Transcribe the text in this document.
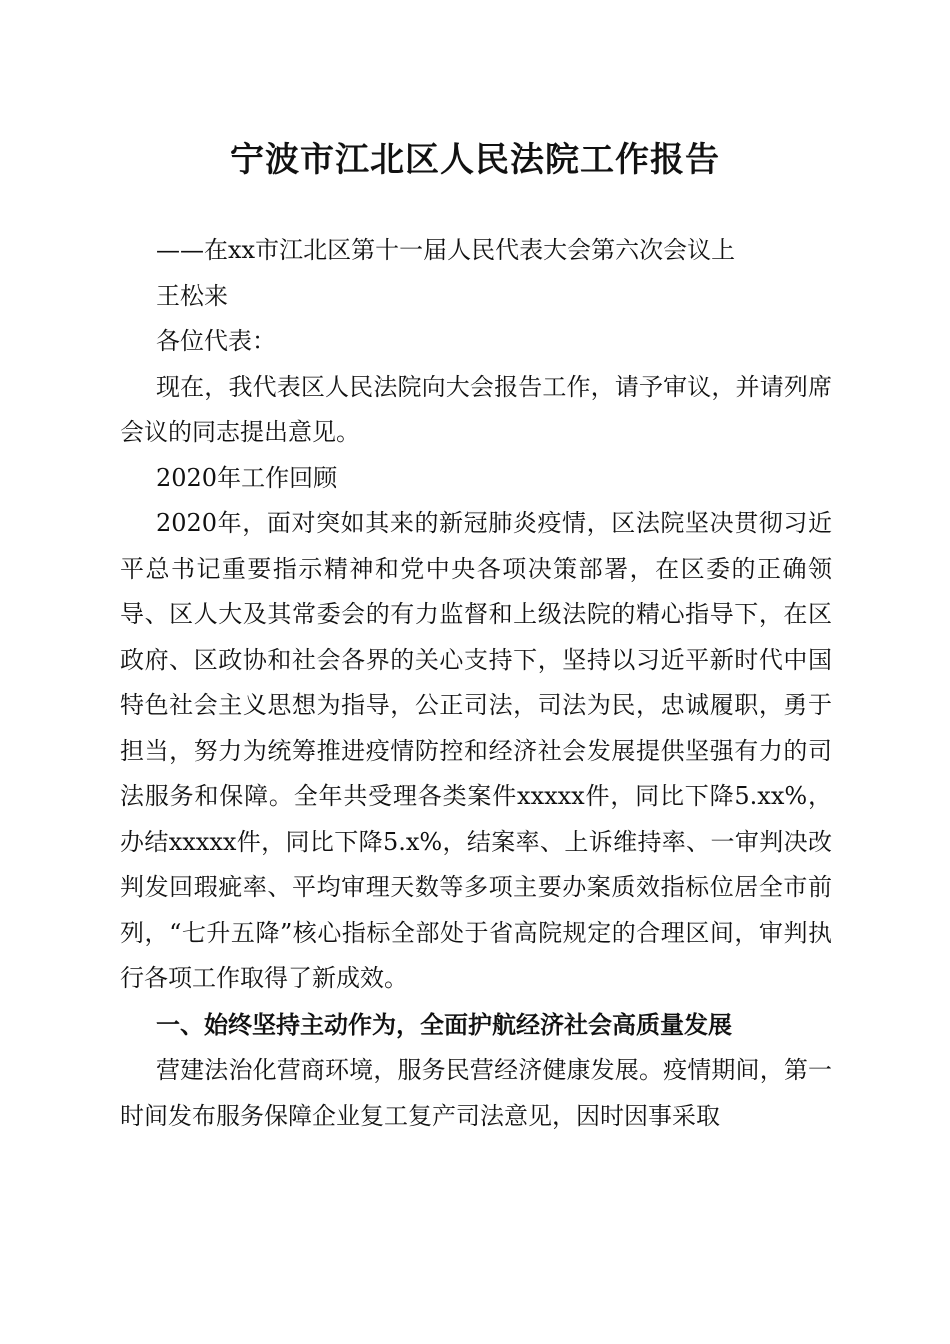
宁波市江北区人民法院工作报告

——在xx市江北区第十一届人民代表大会第六次会议上

王松来

各位代表：

现在，我代表区人民法院向大会报告工作，请予审议，并请列席会议的同志提出意见。

2020年工作回顾

2020年，面对突如其来的新冠肺炎疫情，区法院坚决贯彻习近平总书记重要指示精神和党中央各项决策部署，在区委的正确领导、区人大及其常委会的有力监督和上级法院的精心指导下，在区政府、区政协和社会各界的关心支持下，坚持以习近平新时代中国特色社会主义思想为指导，公正司法，司法为民，忠诚履职，勇于担当，努力为统筹推进疫情防控和经济社会发展提供坚强有力的司法服务和保障。全年共受理各类案件xxxxx件，同比下降5.xx%，办结xxxxx件，同比下降5.x%，结案率、上诉维持率、一审判决改判发回瑕疵率、平均审理天数等多项主要办案质效指标位居全市前列，“七升五降”核心指标全部处于省高院规定的合理区间，审判执行各项工作取得了新成效。

一、始终坚持主动作为，全面护航经济社会高质量发展

营建法治化营商环境，服务民营经济健康发展。疫情期间，第一时间发布服务保障企业复工复产司法意见，因时因事采取
